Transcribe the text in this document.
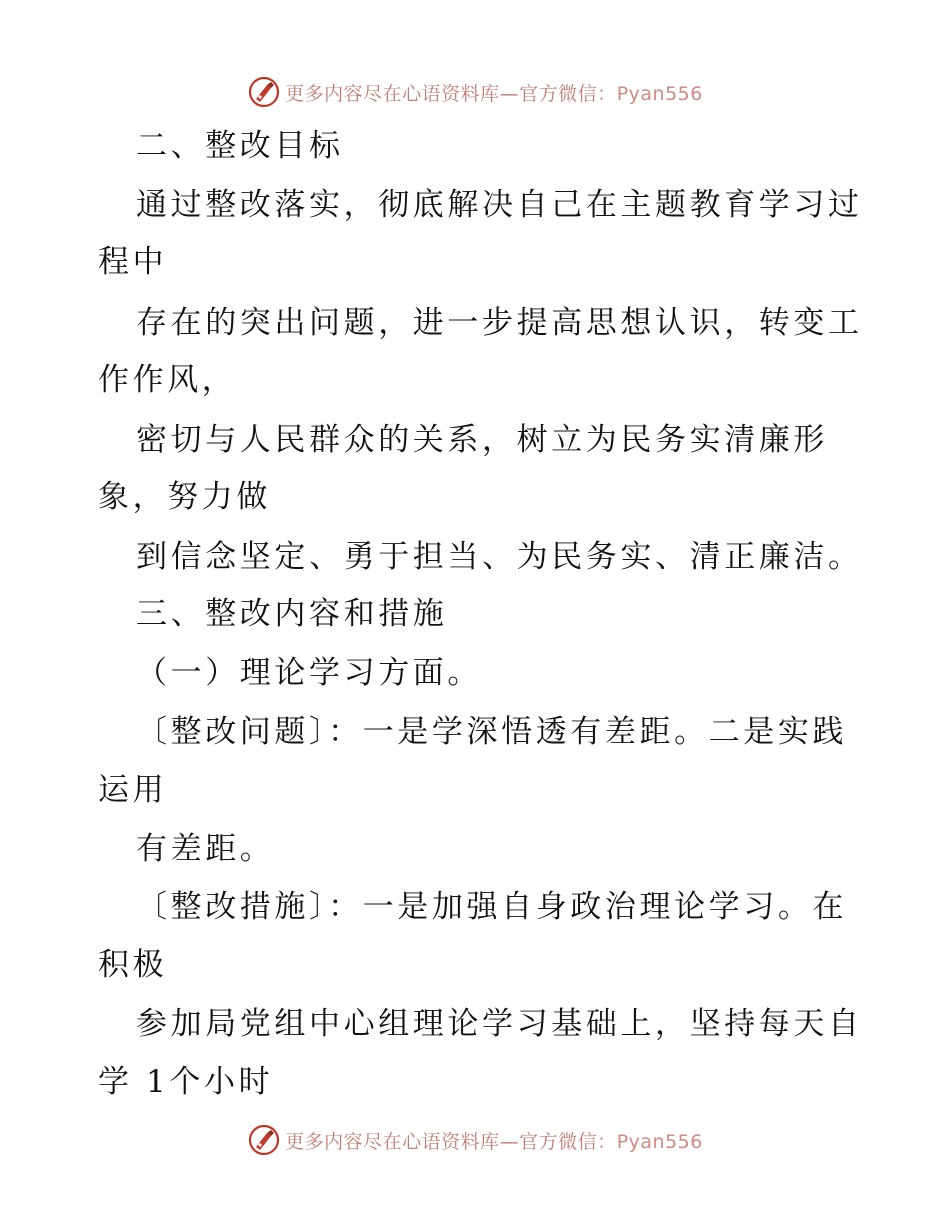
更多内容尽在心语资料库—官方微信：Pyan556
二、整改目标
通过整改落实，彻底解决自己在主题教育学习过
程中
存在的突出问题，进一步提高思想认识，转变工
作作风，
密切与人民群众的关系，树立为民务实清廉形
象，努力做
到信念坚定、勇于担当、为民务实、清正廉洁。
三、整改内容和措施
（一）理论学习方面。
〔整改问题〕：一是学深悟透有差距。二是实践
运用
有差距。
〔整改措施〕：一是加强自身政治理论学习。在
积极
参加局党组中心组理论学习基础上，坚持每天自
学 1个小时
更多内容尽在心语资料库—官方微信：Pyan556
